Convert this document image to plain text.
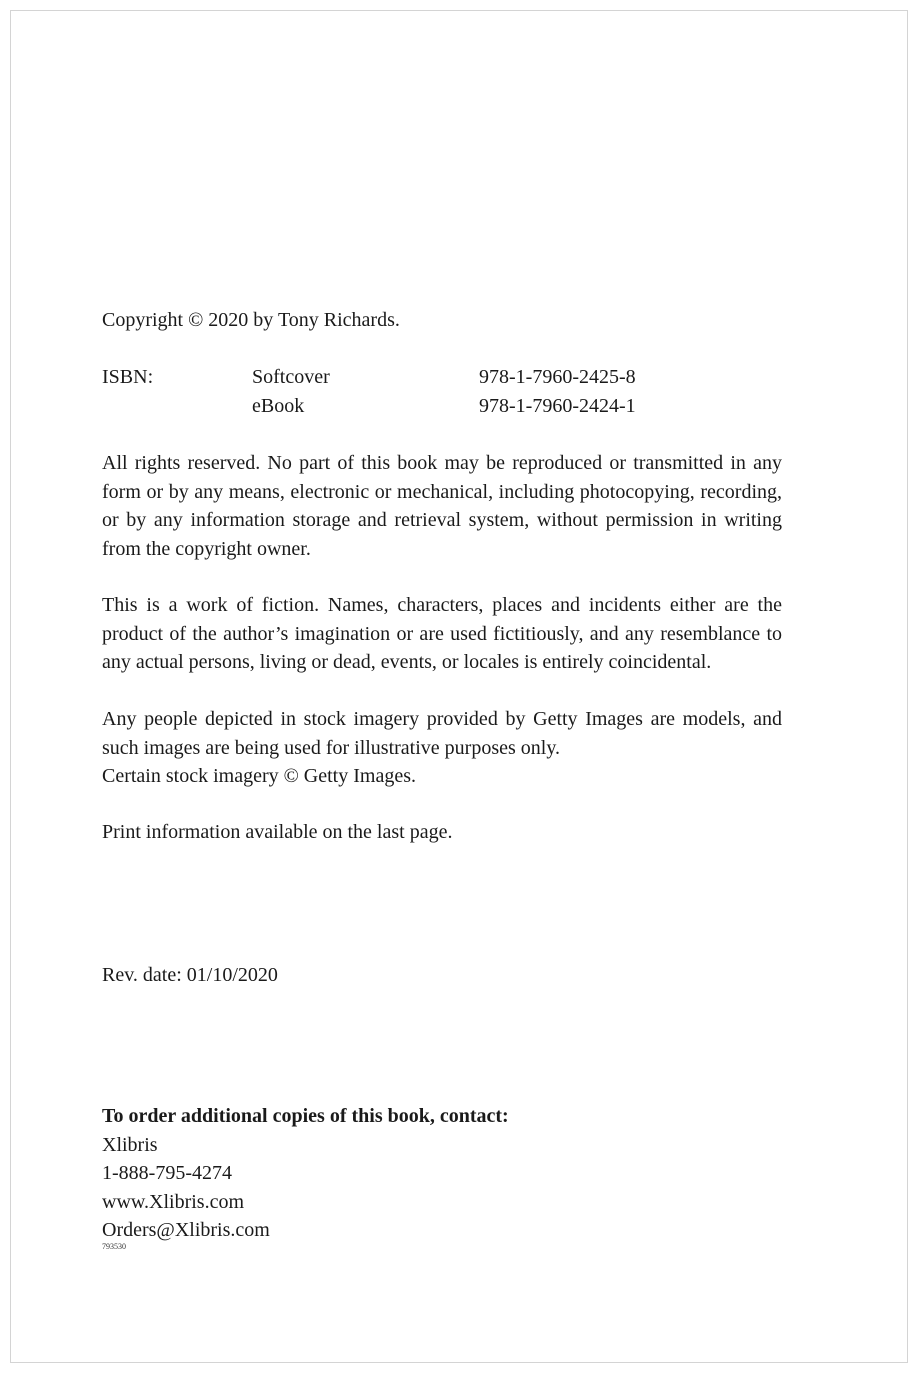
Copyright © 2020 by Tony Richards.

ISBN:	Softcover	978-1-7960-2425-8
eBook	978-1-7960-2424-1

All rights reserved. No part of this book may be reproduced or transmitted in any form or by any means, electronic or mechanical, including photocopying, recording, or by any information storage and retrieval system, without permission in writing from the copyright owner.

This is a work of fiction. Names, characters, places and incidents either are the product of the author’s imagination or are used fictitiously, and any resemblance to any actual persons, living or dead, events, or locales is entirely coincidental.

Any people depicted in stock imagery provided by Getty Images are models, and such images are being used for illustrative purposes only.
Certain stock imagery © Getty Images.

Print information available on the last page.

Rev. date: 01/10/2020

To order additional copies of this book, contact:
Xlibris
1-888-795-4274
www.Xlibris.com
Orders@Xlibris.com
793530
